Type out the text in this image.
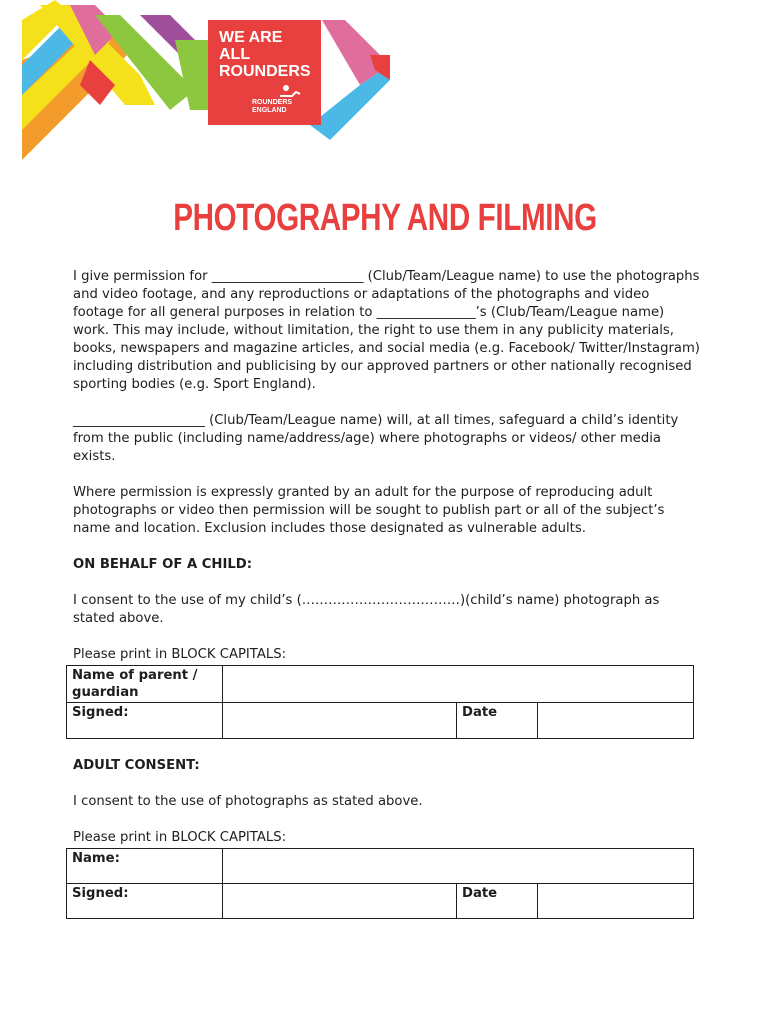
WE ARE
ALL
ROUNDERS
ROUNDERS
ENGLAND
PHOTOGRAPHY AND FILMING

I give permission for _______________________ (Club/Team/League name) to use the photographs and video footage, and any reproductions or adaptations of the photographs and video footage for all general purposes in relation to _______________’s (Club/Team/League name) work. This may include, without limitation, the right to use them in any publicity materials, books, newspapers and magazine articles, and social media (e.g. Facebook/ Twitter/Instagram) including distribution and publicising by our approved partners or other nationally recognised sporting bodies (e.g. Sport England).

____________________ (Club/Team/League name) will, at all times, safeguard a child’s identity from the public (including name/address/age) where photographs or videos/ other media exists.

Where permission is expressly granted by an adult for the purpose of reproducing adult photographs or video then permission will be sought to publish part or all of the subject’s name and location. Exclusion includes those designated as vulnerable adults.

ON BEHALF OF A CHILD:

I consent to the use of my child’s (………………………………)(child’s name) photograph as stated above.

Please print in BLOCK CAPITALS:
Name of parent / guardian			
Signed:		Date	

ADULT CONSENT:

I consent to the use of photographs as stated above.

Please print in BLOCK CAPITALS:
Name:			
Signed:		Date	
